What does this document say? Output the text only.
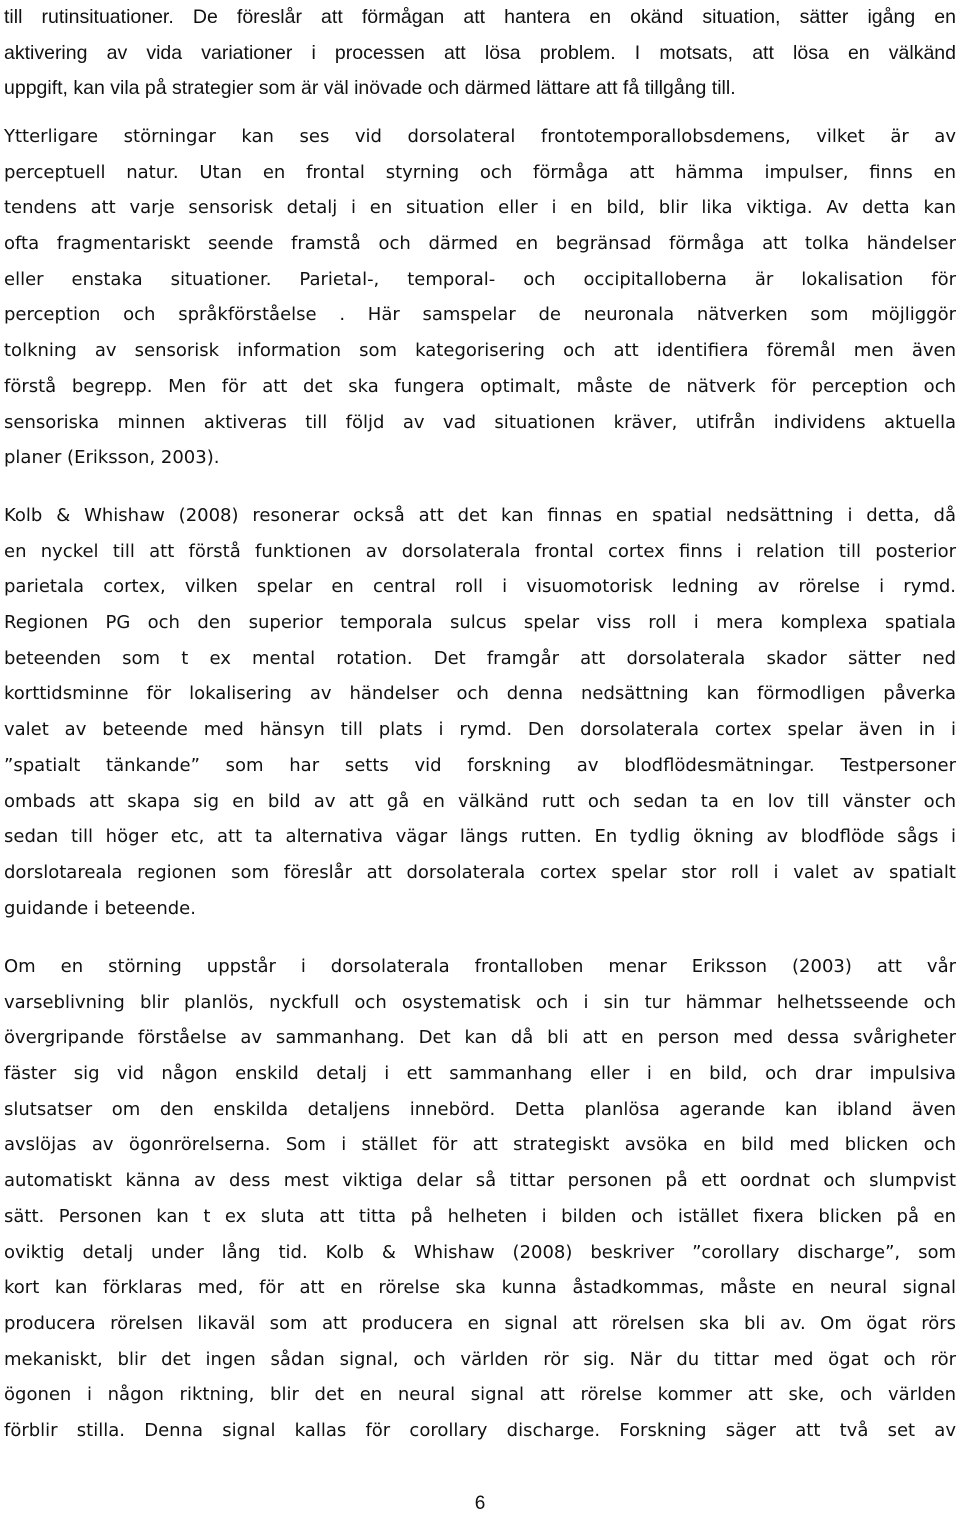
till rutinsituationer. De föreslår att förmågan att hantera en okänd situation, sätter igång en
aktivering av vida variationer i processen att lösa problem. I motsats, att lösa en välkänd
uppgift, kan vila på strategier som är väl inövade och därmed lättare att få tillgång till.
Ytterligare störningar kan ses vid dorsolateral frontotemporallobsdemens, vilket är av
perceptuell natur. Utan en frontal styrning och förmåga att hämma impulser, finns en
tendens att varje sensorisk detalj i en situation eller i en bild, blir lika viktiga. Av detta kan
ofta fragmentariskt seende framstå och därmed en begränsad förmåga att tolka händelser
eller enstaka situationer. Parietal-, temporal- och occipitalloberna är lokalisation för
perception och språkförståelse . Här samspelar de neuronala nätverken som möjliggör
tolkning av sensorisk information som kategorisering och att identifiera föremål men även
förstå begrepp. Men för att det ska fungera optimalt, måste de nätverk för perception och
sensoriska minnen aktiveras till följd av vad situationen kräver, utifrån individens aktuella
planer (Eriksson, 2003).
Kolb & Whishaw (2008) resonerar också att det kan finnas en spatial nedsättning i detta, då
en nyckel till att förstå funktionen av dorsolaterala frontal cortex finns i relation till posterior
parietala cortex, vilken spelar en central roll i visuomotorisk ledning av rörelse i rymd.
Regionen PG och den superior temporala sulcus spelar viss roll i mera komplexa spatiala
beteenden som t ex mental rotation. Det framgår att dorsolaterala skador sätter ned
korttidsminne för lokalisering av händelser och denna nedsättning kan förmodligen påverka
valet av beteende med hänsyn till plats i rymd. Den dorsolaterala cortex spelar även in i
”spatialt tänkande” som har setts vid forskning av blodflödesmätningar. Testpersoner
ombads att skapa sig en bild av att gå en välkänd rutt och sedan ta en lov till vänster och
sedan till höger etc, att ta alternativa vägar längs rutten. En tydlig ökning av blodflöde sågs i
dorslotareala regionen som föreslår att dorsolaterala cortex spelar stor roll i valet av spatialt
guidande i beteende.
Om en störning uppstår i dorsolaterala frontalloben menar Eriksson (2003) att vår
varseblivning blir planlös, nyckfull och osystematisk och i sin tur hämmar helhetsseende och
övergripande förståelse av sammanhang. Det kan då bli att en person med dessa svårigheter
fäster sig vid någon enskild detalj i ett sammanhang eller i en bild, och drar impulsiva
slutsatser om den enskilda detaljens innebörd. Detta planlösa agerande kan ibland även
avslöjas av ögonrörelserna. Som i stället för att strategiskt avsöka en bild med blicken och
automatiskt känna av dess mest viktiga delar så tittar personen på ett oordnat och slumpvist
sätt. Personen kan t ex sluta att titta på helheten i bilden och istället fixera blicken på en
oviktig detalj under lång tid. Kolb & Whishaw (2008) beskriver ”corollary discharge”, som
kort kan förklaras med, för att en rörelse ska kunna åstadkommas, måste en neural signal
producera rörelsen likaväl som att producera en signal att rörelsen ska bli av. Om ögat rörs
mekaniskt, blir det ingen sådan signal, och världen rör sig. När du tittar med ögat och rör
ögonen i någon riktning, blir det en neural signal att rörelse kommer att ske, och världen
förblir stilla. Denna signal kallas för corollary discharge. Forskning säger att två set av
6
